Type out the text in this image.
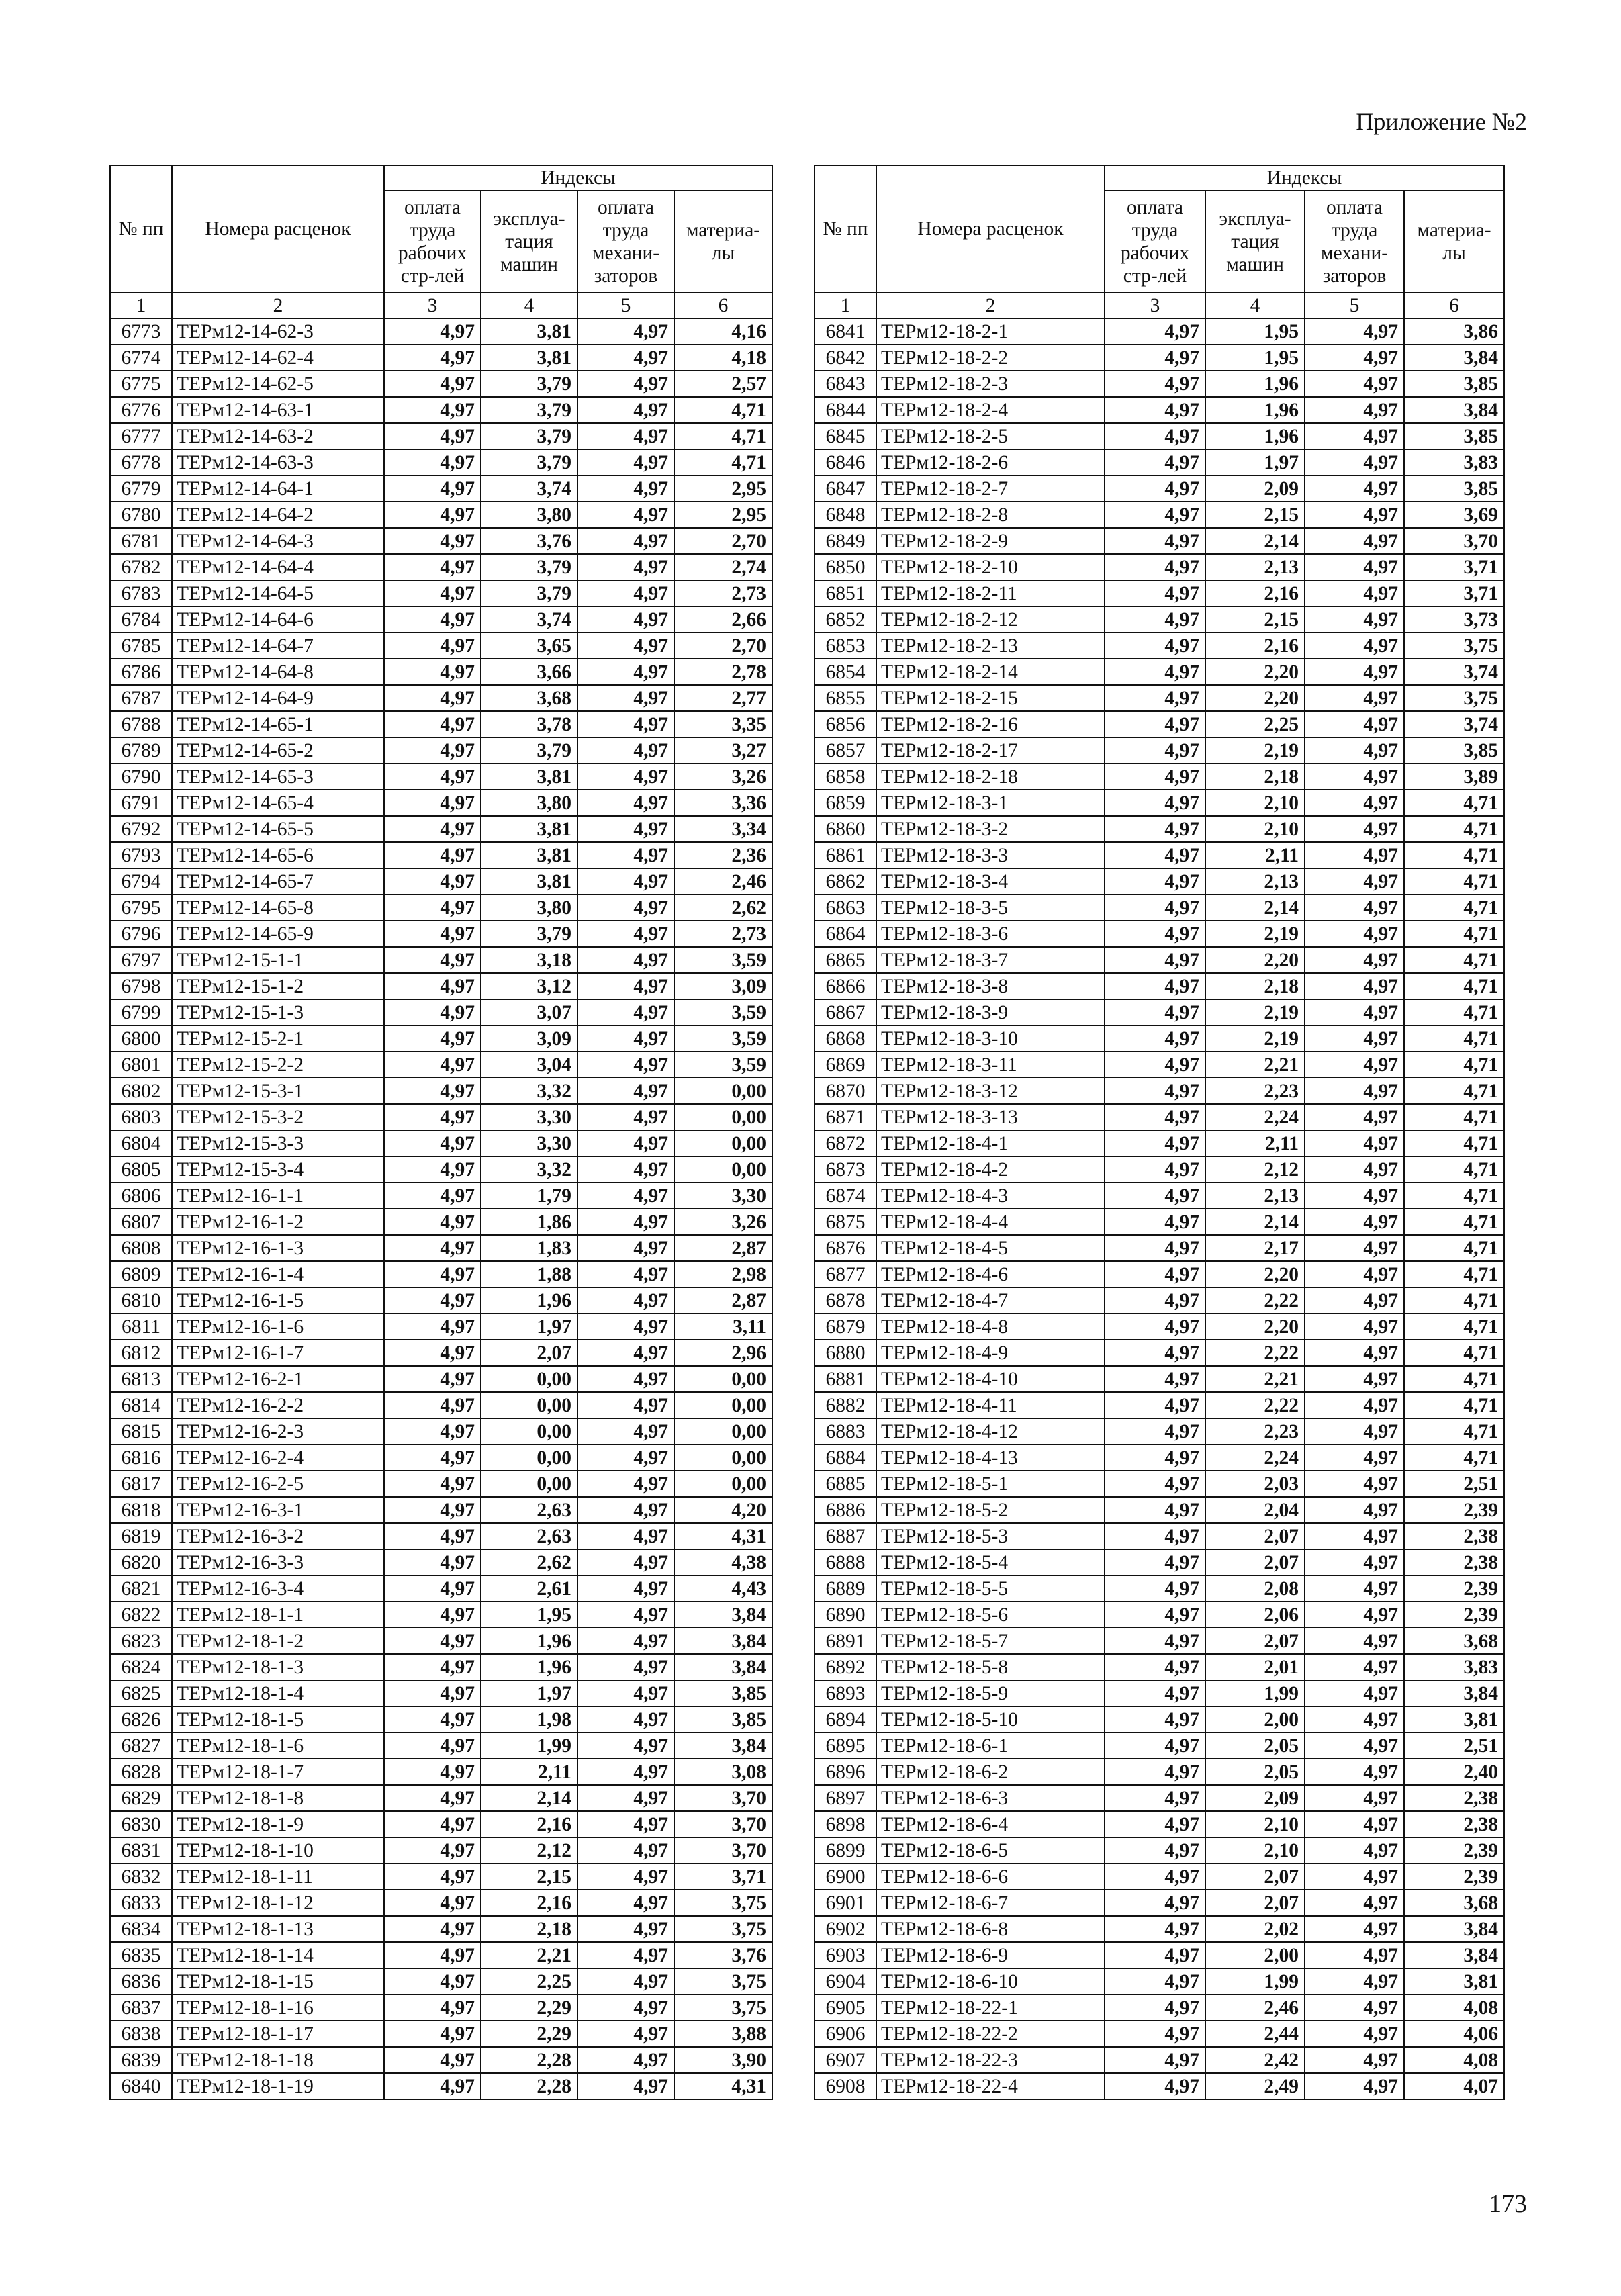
Приложение №2
№ пп	Номера расценок	Индексы			
		оплата труда рабочих стр-лей	эксплуа-тация машин	оплата труда механи-заторов	материа-лы
1	2	3	4	5	6
6773	ТЕРм12-14-62-3	4,97	3,81	4,97	4,16
6774	ТЕРм12-14-62-4	4,97	3,81	4,97	4,18
6775	ТЕРм12-14-62-5	4,97	3,79	4,97	2,57
6776	ТЕРм12-14-63-1	4,97	3,79	4,97	4,71
6777	ТЕРм12-14-63-2	4,97	3,79	4,97	4,71
6778	ТЕРм12-14-63-3	4,97	3,79	4,97	4,71
6779	ТЕРм12-14-64-1	4,97	3,74	4,97	2,95
6780	ТЕРм12-14-64-2	4,97	3,80	4,97	2,95
6781	ТЕРм12-14-64-3	4,97	3,76	4,97	2,70
6782	ТЕРм12-14-64-4	4,97	3,79	4,97	2,74
6783	ТЕРм12-14-64-5	4,97	3,79	4,97	2,73
6784	ТЕРм12-14-64-6	4,97	3,74	4,97	2,66
6785	ТЕРм12-14-64-7	4,97	3,65	4,97	2,70
6786	ТЕРм12-14-64-8	4,97	3,66	4,97	2,78
6787	ТЕРм12-14-64-9	4,97	3,68	4,97	2,77
6788	ТЕРм12-14-65-1	4,97	3,78	4,97	3,35
6789	ТЕРм12-14-65-2	4,97	3,79	4,97	3,27
6790	ТЕРм12-14-65-3	4,97	3,81	4,97	3,26
6791	ТЕРм12-14-65-4	4,97	3,80	4,97	3,36
6792	ТЕРм12-14-65-5	4,97	3,81	4,97	3,34
6793	ТЕРм12-14-65-6	4,97	3,81	4,97	2,36
6794	ТЕРм12-14-65-7	4,97	3,81	4,97	2,46
6795	ТЕРм12-14-65-8	4,97	3,80	4,97	2,62
6796	ТЕРм12-14-65-9	4,97	3,79	4,97	2,73
6797	ТЕРм12-15-1-1	4,97	3,18	4,97	3,59
6798	ТЕРм12-15-1-2	4,97	3,12	4,97	3,09
6799	ТЕРм12-15-1-3	4,97	3,07	4,97	3,59
6800	ТЕРм12-15-2-1	4,97	3,09	4,97	3,59
6801	ТЕРм12-15-2-2	4,97	3,04	4,97	3,59
6802	ТЕРм12-15-3-1	4,97	3,32	4,97	0,00
6803	ТЕРм12-15-3-2	4,97	3,30	4,97	0,00
6804	ТЕРм12-15-3-3	4,97	3,30	4,97	0,00
6805	ТЕРм12-15-3-4	4,97	3,32	4,97	0,00
6806	ТЕРм12-16-1-1	4,97	1,79	4,97	3,30
6807	ТЕРм12-16-1-2	4,97	1,86	4,97	3,26
6808	ТЕРм12-16-1-3	4,97	1,83	4,97	2,87
6809	ТЕРм12-16-1-4	4,97	1,88	4,97	2,98
6810	ТЕРм12-16-1-5	4,97	1,96	4,97	2,87
6811	ТЕРм12-16-1-6	4,97	1,97	4,97	3,11
6812	ТЕРм12-16-1-7	4,97	2,07	4,97	2,96
6813	ТЕРм12-16-2-1	4,97	0,00	4,97	0,00
6814	ТЕРм12-16-2-2	4,97	0,00	4,97	0,00
6815	ТЕРм12-16-2-3	4,97	0,00	4,97	0,00
6816	ТЕРм12-16-2-4	4,97	0,00	4,97	0,00
6817	ТЕРм12-16-2-5	4,97	0,00	4,97	0,00
6818	ТЕРм12-16-3-1	4,97	2,63	4,97	4,20
6819	ТЕРм12-16-3-2	4,97	2,63	4,97	4,31
6820	ТЕРм12-16-3-3	4,97	2,62	4,97	4,38
6821	ТЕРм12-16-3-4	4,97	2,61	4,97	4,43
6822	ТЕРм12-18-1-1	4,97	1,95	4,97	3,84
6823	ТЕРм12-18-1-2	4,97	1,96	4,97	3,84
6824	ТЕРм12-18-1-3	4,97	1,96	4,97	3,84
6825	ТЕРм12-18-1-4	4,97	1,97	4,97	3,85
6826	ТЕРм12-18-1-5	4,97	1,98	4,97	3,85
6827	ТЕРм12-18-1-6	4,97	1,99	4,97	3,84
6828	ТЕРм12-18-1-7	4,97	2,11	4,97	3,08
6829	ТЕРм12-18-1-8	4,97	2,14	4,97	3,70
6830	ТЕРм12-18-1-9	4,97	2,16	4,97	3,70
6831	ТЕРм12-18-1-10	4,97	2,12	4,97	3,70
6832	ТЕРм12-18-1-11	4,97	2,15	4,97	3,71
6833	ТЕРм12-18-1-12	4,97	2,16	4,97	3,75
6834	ТЕРм12-18-1-13	4,97	2,18	4,97	3,75
6835	ТЕРм12-18-1-14	4,97	2,21	4,97	3,76
6836	ТЕРм12-18-1-15	4,97	2,25	4,97	3,75
6837	ТЕРм12-18-1-16	4,97	2,29	4,97	3,75
6838	ТЕРм12-18-1-17	4,97	2,29	4,97	3,88
6839	ТЕРм12-18-1-18	4,97	2,28	4,97	3,90
6840	ТЕРм12-18-1-19	4,97	2,28	4,97	4,31
№ пп	Номера расценок	Индексы			
		оплата труда рабочих стр-лей	эксплуа-тация машин	оплата труда механи-заторов	материа-лы
1	2	3	4	5	6
6841	ТЕРм12-18-2-1	4,97	1,95	4,97	3,86
6842	ТЕРм12-18-2-2	4,97	1,95	4,97	3,84
6843	ТЕРм12-18-2-3	4,97	1,96	4,97	3,85
6844	ТЕРм12-18-2-4	4,97	1,96	4,97	3,84
6845	ТЕРм12-18-2-5	4,97	1,96	4,97	3,85
6846	ТЕРм12-18-2-6	4,97	1,97	4,97	3,83
6847	ТЕРм12-18-2-7	4,97	2,09	4,97	3,85
6848	ТЕРм12-18-2-8	4,97	2,15	4,97	3,69
6849	ТЕРм12-18-2-9	4,97	2,14	4,97	3,70
6850	ТЕРм12-18-2-10	4,97	2,13	4,97	3,71
6851	ТЕРм12-18-2-11	4,97	2,16	4,97	3,71
6852	ТЕРм12-18-2-12	4,97	2,15	4,97	3,73
6853	ТЕРм12-18-2-13	4,97	2,16	4,97	3,75
6854	ТЕРм12-18-2-14	4,97	2,20	4,97	3,74
6855	ТЕРм12-18-2-15	4,97	2,20	4,97	3,75
6856	ТЕРм12-18-2-16	4,97	2,25	4,97	3,74
6857	ТЕРм12-18-2-17	4,97	2,19	4,97	3,85
6858	ТЕРм12-18-2-18	4,97	2,18	4,97	3,89
6859	ТЕРм12-18-3-1	4,97	2,10	4,97	4,71
6860	ТЕРм12-18-3-2	4,97	2,10	4,97	4,71
6861	ТЕРм12-18-3-3	4,97	2,11	4,97	4,71
6862	ТЕРм12-18-3-4	4,97	2,13	4,97	4,71
6863	ТЕРм12-18-3-5	4,97	2,14	4,97	4,71
6864	ТЕРм12-18-3-6	4,97	2,19	4,97	4,71
6865	ТЕРм12-18-3-7	4,97	2,20	4,97	4,71
6866	ТЕРм12-18-3-8	4,97	2,18	4,97	4,71
6867	ТЕРм12-18-3-9	4,97	2,19	4,97	4,71
6868	ТЕРм12-18-3-10	4,97	2,19	4,97	4,71
6869	ТЕРм12-18-3-11	4,97	2,21	4,97	4,71
6870	ТЕРм12-18-3-12	4,97	2,23	4,97	4,71
6871	ТЕРм12-18-3-13	4,97	2,24	4,97	4,71
6872	ТЕРм12-18-4-1	4,97	2,11	4,97	4,71
6873	ТЕРм12-18-4-2	4,97	2,12	4,97	4,71
6874	ТЕРм12-18-4-3	4,97	2,13	4,97	4,71
6875	ТЕРм12-18-4-4	4,97	2,14	4,97	4,71
6876	ТЕРм12-18-4-5	4,97	2,17	4,97	4,71
6877	ТЕРм12-18-4-6	4,97	2,20	4,97	4,71
6878	ТЕРм12-18-4-7	4,97	2,22	4,97	4,71
6879	ТЕРм12-18-4-8	4,97	2,20	4,97	4,71
6880	ТЕРм12-18-4-9	4,97	2,22	4,97	4,71
6881	ТЕРм12-18-4-10	4,97	2,21	4,97	4,71
6882	ТЕРм12-18-4-11	4,97	2,22	4,97	4,71
6883	ТЕРм12-18-4-12	4,97	2,23	4,97	4,71
6884	ТЕРм12-18-4-13	4,97	2,24	4,97	4,71
6885	ТЕРм12-18-5-1	4,97	2,03	4,97	2,51
6886	ТЕРм12-18-5-2	4,97	2,04	4,97	2,39
6887	ТЕРм12-18-5-3	4,97	2,07	4,97	2,38
6888	ТЕРм12-18-5-4	4,97	2,07	4,97	2,38
6889	ТЕРм12-18-5-5	4,97	2,08	4,97	2,39
6890	ТЕРм12-18-5-6	4,97	2,06	4,97	2,39
6891	ТЕРм12-18-5-7	4,97	2,07	4,97	3,68
6892	ТЕРм12-18-5-8	4,97	2,01	4,97	3,83
6893	ТЕРм12-18-5-9	4,97	1,99	4,97	3,84
6894	ТЕРм12-18-5-10	4,97	2,00	4,97	3,81
6895	ТЕРм12-18-6-1	4,97	2,05	4,97	2,51
6896	ТЕРм12-18-6-2	4,97	2,05	4,97	2,40
6897	ТЕРм12-18-6-3	4,97	2,09	4,97	2,38
6898	ТЕРм12-18-6-4	4,97	2,10	4,97	2,38
6899	ТЕРм12-18-6-5	4,97	2,10	4,97	2,39
6900	ТЕРм12-18-6-6	4,97	2,07	4,97	2,39
6901	ТЕРм12-18-6-7	4,97	2,07	4,97	3,68
6902	ТЕРм12-18-6-8	4,97	2,02	4,97	3,84
6903	ТЕРм12-18-6-9	4,97	2,00	4,97	3,84
6904	ТЕРм12-18-6-10	4,97	1,99	4,97	3,81
6905	ТЕРм12-18-22-1	4,97	2,46	4,97	4,08
6906	ТЕРм12-18-22-2	4,97	2,44	4,97	4,06
6907	ТЕРм12-18-22-3	4,97	2,42	4,97	4,08
6908	ТЕРм12-18-22-4	4,97	2,49	4,97	4,07
173
